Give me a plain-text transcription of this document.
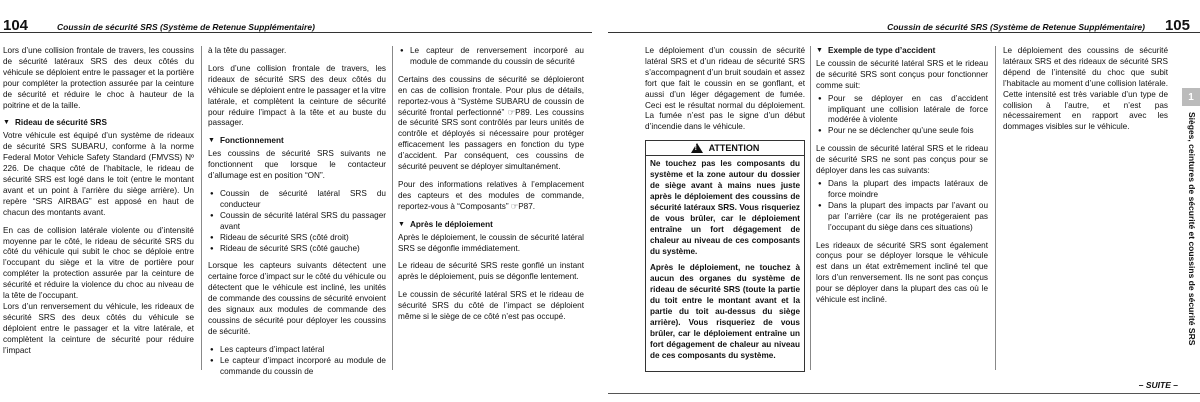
104	Coussin de sécurité SRS (Système de Retenue Supplémentaire)

Lors d’une collision frontale de travers, les coussins de sécurité latéraux SRS des deux côtés du véhicule se déploient entre le passager et la portière pour compléter la protection assurée par la ceinture de sécurité et réduire le choc à hauteur de la poitrine et de la taille.

▼ Rideau de sécurité SRS

Votre véhicule est équipé d’un système de rideaux de sécurité SRS SUBARU, conforme à la norme Federal Motor Vehicle Safety Standard (FMVSS) Nº 226. De chaque côté de l’habitacle, le rideau de sécurité SRS est logé dans le toit (entre le montant avant et un point à l’arrière du siège arrière). Un repère “SRS AIRBAG” est apposé en haut de chacun des montants avant.

En cas de collision latérale violente ou d’intensité moyenne par le côté, le rideau de sécurité SRS du côté du véhicule qui subit le choc se déploie entre l’occupant du siège et la vitre de portière pour compléter la protection assurée par la ceinture de sécurité et réduire la violence du choc au niveau de la tête de l’occupant.

Lors d’un renversement du véhicule, les rideaux de sécurité SRS des deux côtés du véhicule se déploient entre le passager et la vitre latérale, et complètent la ceinture de sécurité pour réduire l’impact

à la tête du passager.

Lors d’une collision frontale de travers, les rideaux de sécurité SRS des deux côtés du véhicule se déploient entre le passager et la vitre latérale, et complètent la ceinture de sécurité pour réduire l’impact à la tête et au buste du passager.

▼ Fonctionnement

Les coussins de sécurité SRS suivants ne fonctionnent que lorsque le contacteur d’allumage est en position “ON”.

● Coussin de sécurité latéral SRS du conducteur
● Coussin de sécurité latéral SRS du passager avant
● Rideau de sécurité SRS (côté droit)
● Rideau de sécurité SRS (côté gauche)

Lorsque les capteurs suivants détectent une certaine force d’impact sur le côté du véhicule ou détectent que le véhicule est incliné, les unités de commande des coussins de sécurité envoient des signaux aux modules de commande des coussins de sécurité pour déployer les coussins de sécurité.

● Les capteurs d’impact latéral
● Le capteur d’impact incorporé au module de commande du coussin de
● Le capteur de renversement incorporé au module de commande du coussin de sécurité

Certains des coussins de sécurité se déploieront en cas de collision frontale. Pour plus de détails, reportez-vous à “Système SUBARU de coussin de sécurité frontal perfectionné” ☞P89. Les coussins de sécurité SRS sont contrôlés par leurs unités de contrôle et déployés si nécessaire pour protéger efficacement les passagers en fonction du type d’accident. Par conséquent, ces coussins de sécurité peuvent se déployer simultanément.

Pour des informations relatives à l’emplacement des capteurs et des modules de commande, reportez-vous à “Composants” ☞P87.

▼ Après le déploiement

Après le déploiement, le coussin de sécurité latéral SRS se dégonfle immédiatement.

Le rideau de sécurité SRS reste gonflé un instant après le déploiement, puis se dégonfle lentement.

Le coussin de sécurité latéral SRS et le rideau de sécurité SRS du côté de l’impact se déploient même si le siège de ce côté n’est pas occupé.

Coussin de sécurité SRS (Système de Retenue Supplémentaire) 105

Le déploiement d’un coussin de sécurité latéral SRS et d’un rideau de sécurité SRS s’accompagnent d’un bruit soudain et assez fort que fait le coussin en se gonflant, et aussi d’un léger dégagement de fumée. Ceci est le résultat normal du déploiement. La fumée n’est pas le signe d’un début d’incendie dans le véhicule.

! ATTENTION

Ne touchez pas les composants du système et la zone autour du dossier de siège avant à mains nues juste après le déploiement des coussins de sécurité latéraux SRS. Vous risqueriez de vous brûler, car le déploiement entraîne un fort dégagement de chaleur au niveau de ces composants du système.

Après le déploiement, ne touchez à aucun des organes du système de rideau de sécurité SRS (toute la partie du toit entre le montant avant et la partie du toit au-dessus du siège arrière). Vous risqueriez de vous brûler, car le déploiement entraîne un fort dégagement de chaleur au niveau de ces composants du système.

▼ Exemple de type d’accident

Le coussin de sécurité latéral SRS et le rideau de sécurité SRS sont conçus pour fonctionner comme suit:

● Pour se déployer en cas d’accident impliquant une collision latérale de force modérée à violente
● Pour ne se déclencher qu’une seule fois

Le coussin de sécurité latéral SRS et le rideau de sécurité SRS ne sont pas conçus pour se déployer dans les cas suivants:

● Dans la plupart des impacts latéraux de force moindre
● Dans la plupart des impacts par l’avant ou par l’arrière (car ils ne protégeraient pas l’occupant du siège dans ces situations)

Les rideaux de sécurité SRS sont également conçus pour se déployer lorsque le véhicule est dans un état extrêmement incliné tel que lors d’un renversement. Ils ne sont pas conçus pour se déployer dans la plupart des cas où le véhicule est incliné.

Le déploiement des coussins de sécurité latéraux SRS et des rideaux de sécurité SRS dépend de l’intensité du choc que subit l’habitacle au moment d’une collision latérale. Cette intensité est très variable d’un type de collision à l’autre, et n’est pas nécessairement en rapport avec les dommages visibles sur le véhicule.

1
Sièges, ceintures de sécurité et coussins de sécurité SRS
– SUITE –
